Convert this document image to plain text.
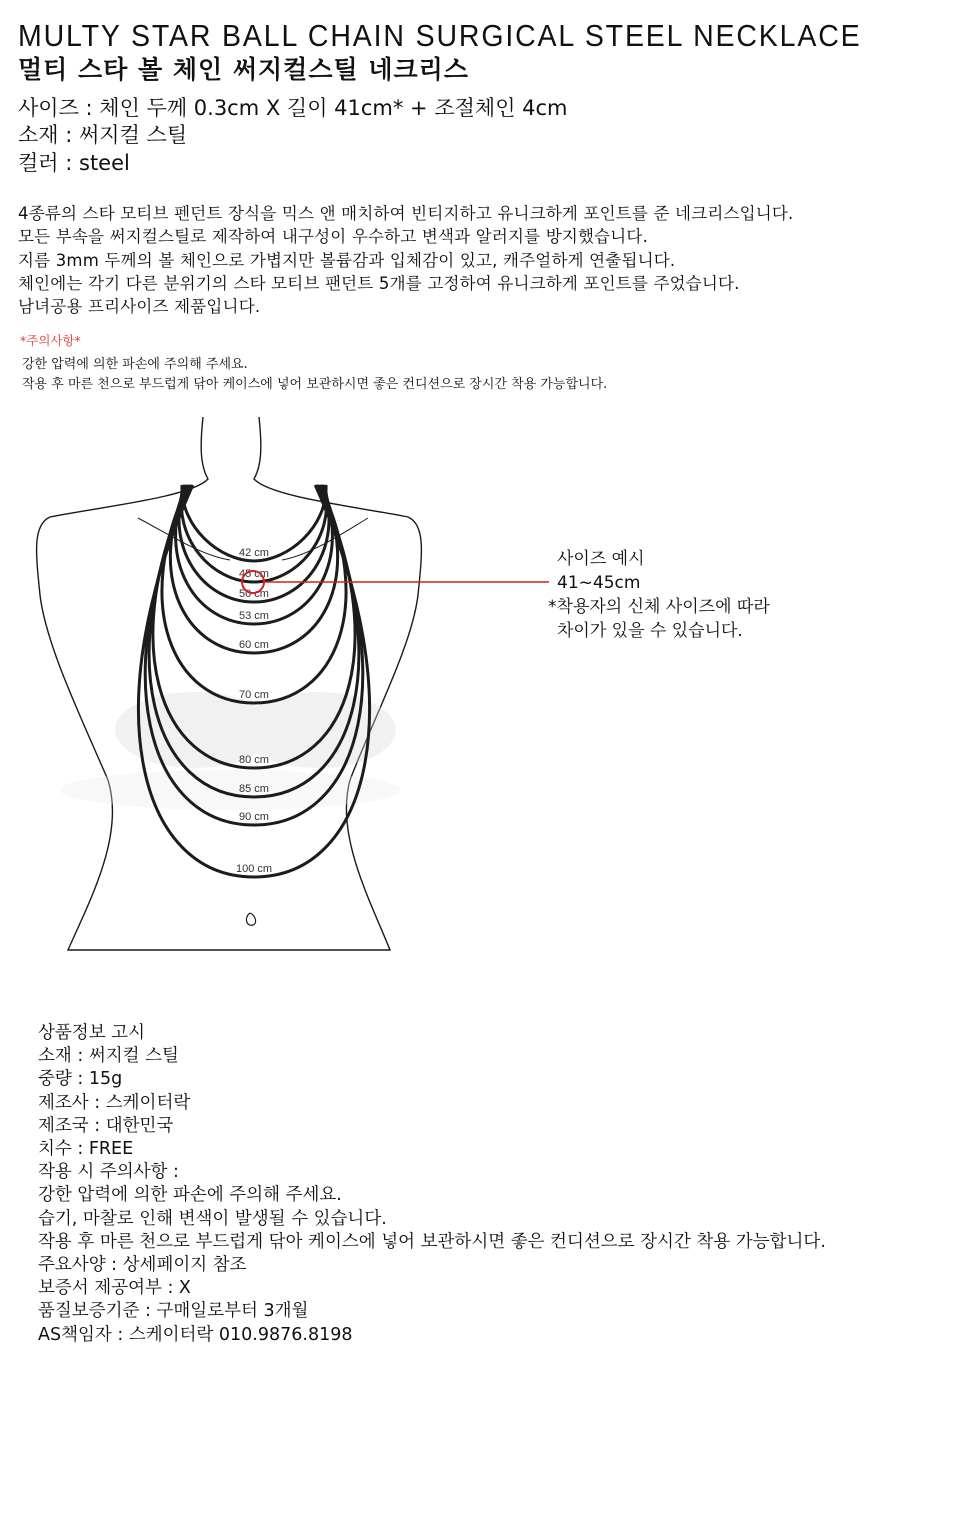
MULTY STAR BALL CHAIN SURGICAL STEEL NECKLACE
멀티 스타 볼 체인 써지컬스틸 네크리스
사이즈 : 체인 두께 0.3cm X 길이 41cm* + 조절체인 4cm
소재 : 써지컬 스틸
컬러 : steel
4종류의 스타 모티브 펜던트 장식을 믹스 앤 매치하여 빈티지하고 유니크하게 포인트를 준 네크리스입니다.
모든 부속을 써지컬스틸로 제작하여 내구성이 우수하고 변색과 알러지를 방지했습니다.
지름 3mm 두께의 볼 체인으로 가볍지만 볼륨감과 입체감이 있고, 캐주얼하게 연출됩니다.
체인에는 각기 다른 분위기의 스타 모티브 팬던트 5개를 고정하여 유니크하게 포인트를 주었습니다.
남녀공용 프리사이즈 제품입니다.
*주의사항*
강한 압력에 의한 파손에 주의해 주세요.
작용 후 마른 천으로 부드럽게 닦아 케이스에 넣어 보관하시면 좋은 컨디션으로 장시간 착용 가능합니다.
42 cm
45 cm
50 cm
53 cm
60 cm
70 cm
80 cm
85 cm
90 cm
100 cm
사이즈 예시
41~45cm
*착용자의 신체 사이즈에 따라
차이가 있을 수 있습니다.
상품정보 고시
소재 : 써지컬 스틸
중량 : 15g
제조사 : 스케이터락
제조국 : 대한민국
치수 : FREE
작용 시 주의사항 :
강한 압력에 의한 파손에 주의해 주세요.
습기, 마찰로 인해 변색이 발생될 수 있습니다.
작용 후 마른 천으로 부드럽게 닦아 케이스에 넣어 보관하시면 좋은 컨디션으로 장시간 착용 가능합니다.
주요사양 : 상세페이지 참조
보증서 제공여부 : X
품질보증기준 : 구매일로부터 3개월
AS책임자 : 스케이터락 010.9876.8198
